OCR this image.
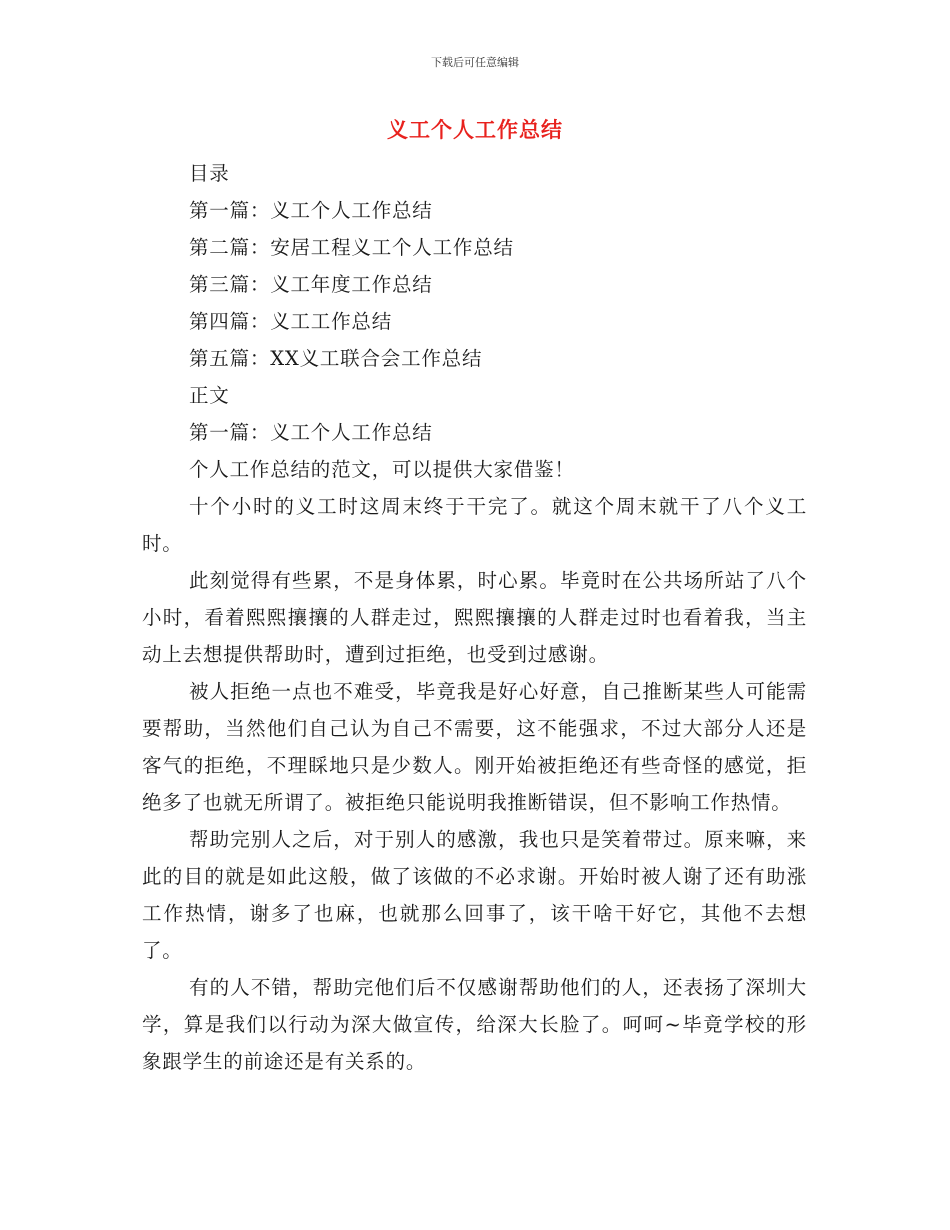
下载后可任意编辑
义工个人工作总结
目录
第一篇：义工个人工作总结
第二篇：安居工程义工个人工作总结
第三篇：义工年度工作总结
第四篇：义工工作总结
第五篇：XX义工联合会工作总结
正文
第一篇：义工个人工作总结
个人工作总结的范文，可以提供大家借鉴！
十个小时的义工时这周末终于干完了。就这个周末就干了八个义工时。
此刻觉得有些累，不是身体累，时心累。毕竟时在公共场所站了八个小时，看着熙熙攘攘的人群走过，熙熙攘攘的人群走过时也看着我，当主动上去想提供帮助时，遭到过拒绝，也受到过感谢。
被人拒绝一点也不难受，毕竟我是好心好意，自己推断某些人可能需要帮助，当然他们自己认为自己不需要，这不能强求，不过大部分人还是客气的拒绝，不理睬地只是少数人。刚开始被拒绝还有些奇怪的感觉，拒绝多了也就无所谓了。被拒绝只能说明我推断错误，但不影响工作热情。
帮助完别人之后，对于别人的感激，我也只是笑着带过。原来嘛，来此的目的就是如此这般，做了该做的不必求谢。开始时被人谢了还有助涨工作热情，谢多了也麻，也就那么回事了，该干啥干好它，其他不去想了。
有的人不错，帮助完他们后不仅感谢帮助他们的人，还表扬了深圳大学，算是我们以行动为深大做宣传，给深大长脸了。呵呵~毕竟学校的形象跟学生的前途还是有关系的。
